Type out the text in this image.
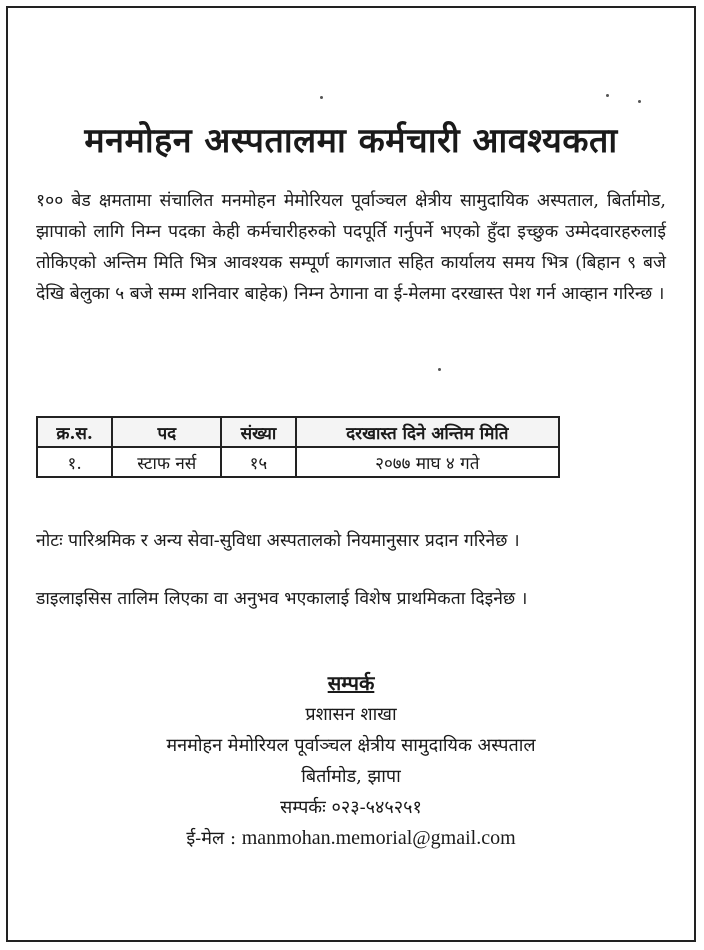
मनमोहन अस्पतालमा कर्मचारी आवश्यकता
१०० बेड क्षमतामा संचालित मनमोहन मेमोरियल पूर्वाञ्चल क्षेत्रीय सामुदायिक अस्पताल, बिर्तामोड, झापाको लागि निम्न पदका केही कर्मचारीहरुको पदपूर्ति गर्नुपर्ने भएको हुँदा इच्छुक उम्मेदवारहरुलाई तोकिएको अन्तिम मिति भित्र आवश्यक सम्पूर्ण कागजात सहित कार्यालय समय भित्र (बिहान ९ बजे देखि बेलुका ५ बजे सम्म शनिवार बाहेक) निम्न ठेगाना वा ई-मेलमा दरखास्त पेश गर्न आव्हान गरिन्छ ।
क्र.स.	पद	संख्या	दरखास्त दिने अन्तिम मिति
१.	स्टाफ नर्स	१५	२०७७ माघ ४ गते
नोटः पारिश्रमिक र अन्य सेवा-सुविधा अस्पतालको नियमानुसार प्रदान गरिनेछ ।
डाइलाइसिस तालिम लिएका वा अनुभव भएकालाई विशेष प्राथमिकता दिइनेछ ।
सम्पर्क
प्रशासन शाखा
मनमोहन मेमोरियल पूर्वाञ्चल क्षेत्रीय सामुदायिक अस्पताल
बिर्तामोड, झापा
सम्पर्कः ०२३-५४५२५१
ई-मेल : manmohan.memorial@gmail.com
